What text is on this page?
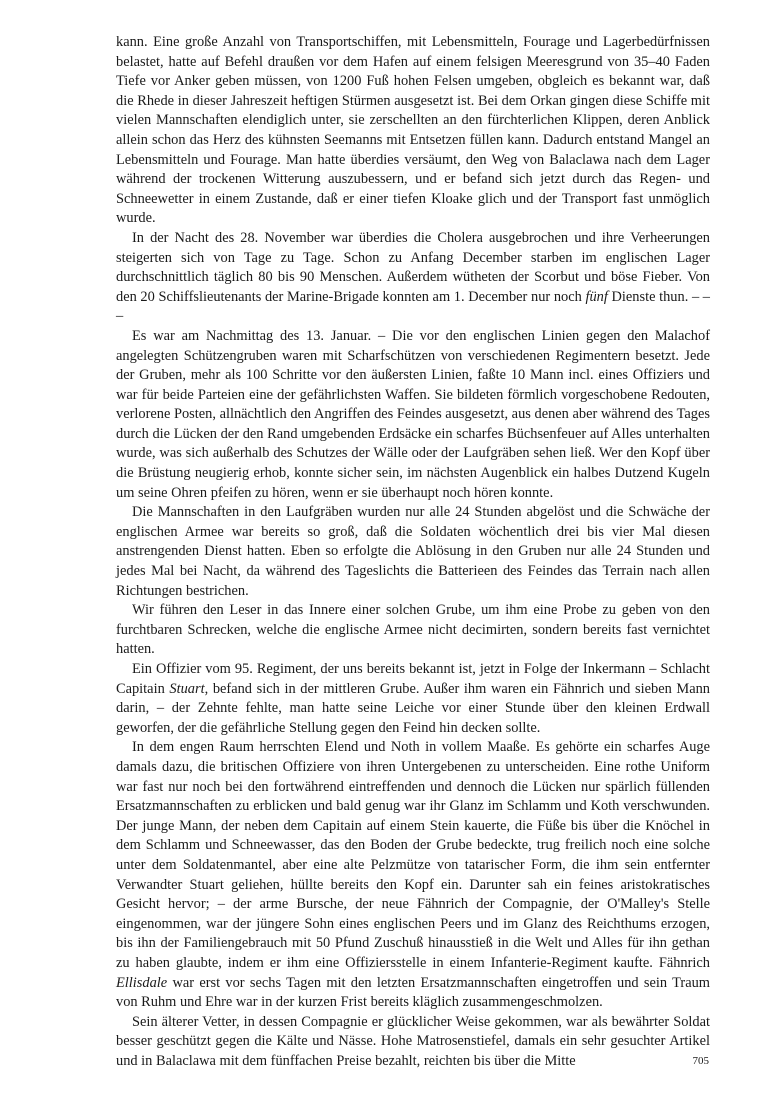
kann. Eine große Anzahl von Transportschiffen, mit Lebensmitteln, Fourage und Lagerbedürfnissen belastet, hatte auf Befehl draußen vor dem Hafen auf einem felsigen Meeresgrund von 35–40 Faden Tiefe vor Anker geben müssen, von 1200 Fuß hohen Felsen umgeben, obgleich es bekannt war, daß die Rhede in dieser Jahreszeit heftigen Stürmen ausgesetzt ist. Bei dem Orkan gingen diese Schiffe mit vielen Mannschaften elendiglich unter, sie zerschellten an den fürchterlichen Klippen, deren Anblick allein schon das Herz des kühnsten Seemanns mit Entsetzen füllen kann. Dadurch entstand Mangel an Lebensmitteln und Fourage. Man hatte überdies versäumt, den Weg von Balaclawa nach dem Lager während der trockenen Witterung auszubessern, und er befand sich jetzt durch das Regen- und Schneewetter in einem Zustande, daß er einer tiefen Kloake glich und der Transport fast unmöglich wurde.

In der Nacht des 28. November war überdies die Cholera ausgebrochen und ihre Verheerungen steigerten sich von Tage zu Tage. Schon zu Anfang December starben im englischen Lager durchschnittlich täglich 80 bis 90 Menschen. Außerdem wütheten der Scorbut und böse Fieber. Von den 20 Schiffslieutenants der Marine-Brigade konnten am 1. December nur noch fünf Dienste thun. – – –

Es war am Nachmittag des 13. Januar. – Die vor den englischen Linien gegen den Malachof angelegten Schützengruben waren mit Scharfschützen von verschiedenen Regimentern besetzt. Jede der Gruben, mehr als 100 Schritte vor den äußersten Linien, faßte 10 Mann incl. eines Offiziers und war für beide Parteien eine der gefährlichsten Waffen. Sie bildeten förmlich vorgeschobene Redouten, verlorene Posten, allnächtlich den Angriffen des Feindes ausgesetzt, aus denen aber während des Tages durch die Lücken der den Rand umgebenden Erdsäcke ein scharfes Büchsenfeuer auf Alles unterhalten wurde, was sich außerhalb des Schutzes der Wälle oder der Laufgräben sehen ließ. Wer den Kopf über die Brüstung neugierig erhob, konnte sicher sein, im nächsten Augenblick ein halbes Dutzend Kugeln um seine Ohren pfeifen zu hören, wenn er sie überhaupt noch hören konnte.

Die Mannschaften in den Laufgräben wurden nur alle 24 Stunden abgelöst und die Schwäche der englischen Armee war bereits so groß, daß die Soldaten wöchentlich drei bis vier Mal diesen anstrengenden Dienst hatten. Eben so erfolgte die Ablösung in den Gruben nur alle 24 Stunden und jedes Mal bei Nacht, da während des Tageslichts die Batterieen des Feindes das Terrain nach allen Richtungen bestrichen.

Wir führen den Leser in das Innere einer solchen Grube, um ihm eine Probe zu geben von den furchtbaren Schrecken, welche die englische Armee nicht decimirten, sondern bereits fast vernichtet hatten.

Ein Offizier vom 95. Regiment, der uns bereits bekannt ist, jetzt in Folge der Inkermann – Schlacht Capitain Stuart, befand sich in der mittleren Grube. Außer ihm waren ein Fähnrich und sieben Mann darin, – der Zehnte fehlte, man hatte seine Leiche vor einer Stunde über den kleinen Erdwall geworfen, der die gefährliche Stellung gegen den Feind hin decken sollte.

In dem engen Raum herrschten Elend und Noth in vollem Maaße. Es gehörte ein scharfes Auge damals dazu, die britischen Offiziere von ihren Untergebenen zu unterscheiden. Eine rothe Uniform war fast nur noch bei den fortwährend eintreffenden und dennoch die Lücken nur spärlich füllenden Ersatzmannschaften zu erblicken und bald genug war ihr Glanz im Schlamm und Koth verschwunden. Der junge Mann, der neben dem Capitain auf einem Stein kauerte, die Füße bis über die Knöchel in dem Schlamm und Schneewasser, das den Boden der Grube bedeckte, trug freilich noch eine solche unter dem Soldatenmantel, aber eine alte Pelzmütze von tatarischer Form, die ihm sein entfernter Verwandter Stuart geliehen, hüllte bereits den Kopf ein. Darunter sah ein feines aristokratisches Gesicht hervor; – der arme Bursche, der neue Fähnrich der Compagnie, der O'Malley's Stelle eingenommen, war der jüngere Sohn eines englischen Peers und im Glanz des Reichthums erzogen, bis ihn der Familiengebrauch mit 50 Pfund Zuschuß hinausstieß in die Welt und Alles für ihn gethan zu haben glaubte, indem er ihm eine Offiziersstelle in einem Infanterie-Regiment kaufte. Fähnrich Ellisdale war erst vor sechs Tagen mit den letzten Ersatzmannschaften eingetroffen und sein Traum von Ruhm und Ehre war in der kurzen Frist bereits kläglich zusammengeschmolzen.

Sein älterer Vetter, in dessen Compagnie er glücklicher Weise gekommen, war als bewährter Soldat besser geschützt gegen die Kälte und Nässe. Hohe Matrosenstiefel, damals ein sehr gesuchter Artikel und in Balaclawa mit dem fünffachen Preise bezahlt, reichten bis über die Mitte	705
